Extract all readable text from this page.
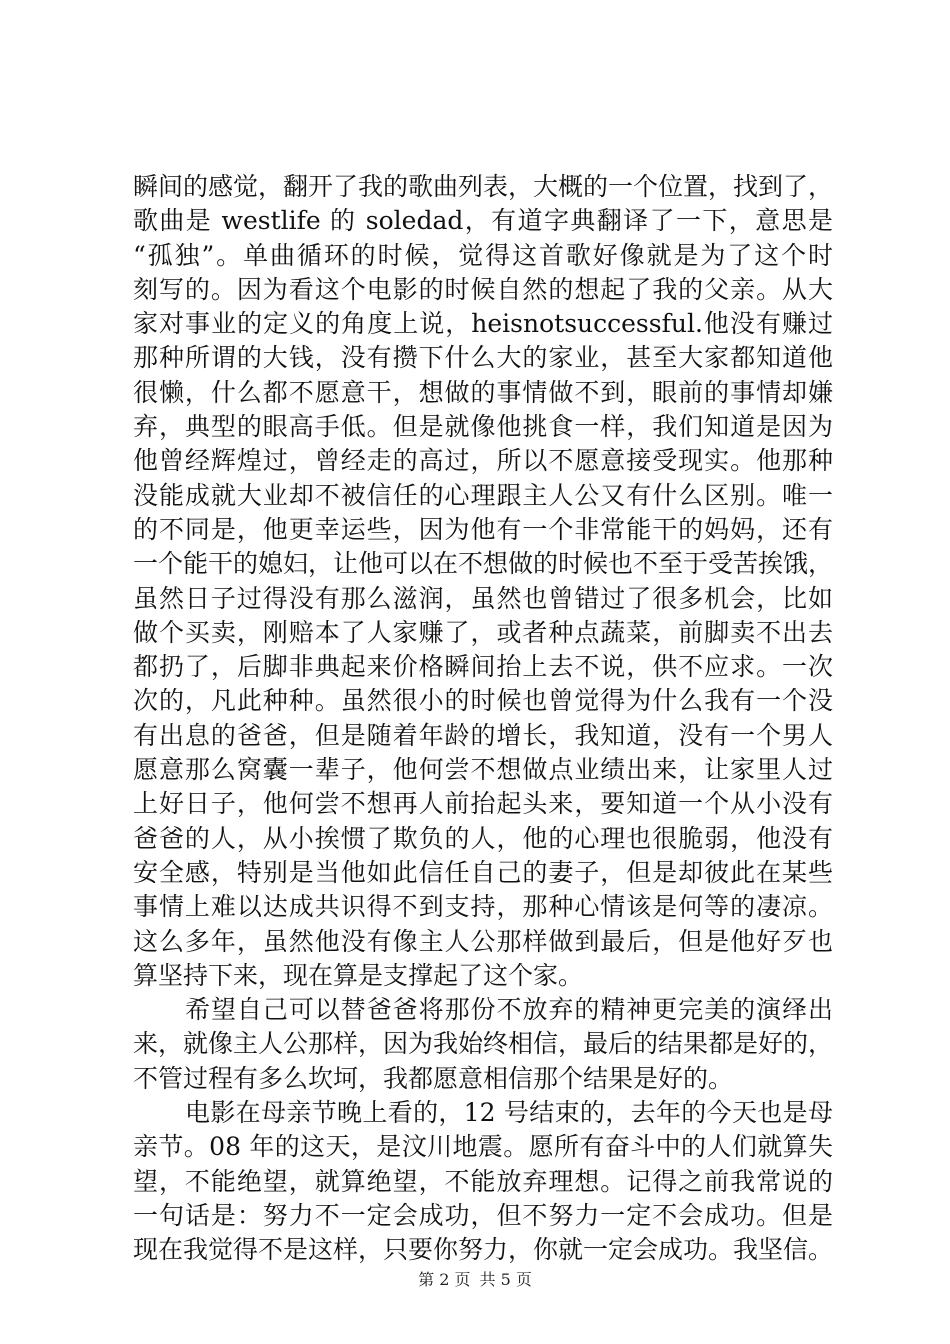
瞬间的感觉，翻开了我的歌曲列表，大概的一个位置，找到了，
歌曲是 westlife 的 soledad，有道字典翻译了一下，意思是
“孤独”。单曲循环的时候，觉得这首歌好像就是为了这个时
刻写的。因为看这个电影的时候自然的想起了我的父亲。从大
家对事业的定义的角度上说，heisnotsuccessful.他没有赚过
那种所谓的大钱，没有攒下什么大的家业，甚至大家都知道他
很懒，什么都不愿意干，想做的事情做不到，眼前的事情却嫌
弃，典型的眼高手低。但是就像他挑食一样，我们知道是因为
他曾经辉煌过，曾经走的高过，所以不愿意接受现实。他那种
没能成就大业却不被信任的心理跟主人公又有什么区别。唯一
的不同是，他更幸运些，因为他有一个非常能干的妈妈，还有
一个能干的媳妇，让他可以在不想做的时候也不至于受苦挨饿，
虽然日子过得没有那么滋润，虽然也曾错过了很多机会，比如
做个买卖，刚赔本了人家赚了，或者种点蔬菜，前脚卖不出去
都扔了，后脚非典起来价格瞬间抬上去不说，供不应求。一次
次的，凡此种种。虽然很小的时候也曾觉得为什么我有一个没
有出息的爸爸，但是随着年龄的增长，我知道，没有一个男人
愿意那么窝囊一辈子，他何尝不想做点业绩出来，让家里人过
上好日子，他何尝不想再人前抬起头来，要知道一个从小没有
爸爸的人，从小挨惯了欺负的人，他的心理也很脆弱，他没有
安全感，特别是当他如此信任自己的妻子，但是却彼此在某些
事情上难以达成共识得不到支持，那种心情该是何等的凄凉。
这么多年，虽然他没有像主人公那样做到最后，但是他好歹也
算坚持下来，现在算是支撑起了这个家。
希望自己可以替爸爸将那份不放弃的精神更完美的演绎出
来，就像主人公那样，因为我始终相信，最后的结果都是好的，
不管过程有多么坎坷，我都愿意相信那个结果是好的。
电影在母亲节晚上看的，12 号结束的，去年的今天也是母
亲节。08 年的这天，是汶川地震。愿所有奋斗中的人们就算失
望，不能绝望，就算绝望，不能放弃理想。记得之前我常说的
一句话是：努力不一定会成功，但不努力一定不会成功。但是
现在我觉得不是这样，只要你努力，你就一定会成功。我坚信。
第 2 页 共 5 页
